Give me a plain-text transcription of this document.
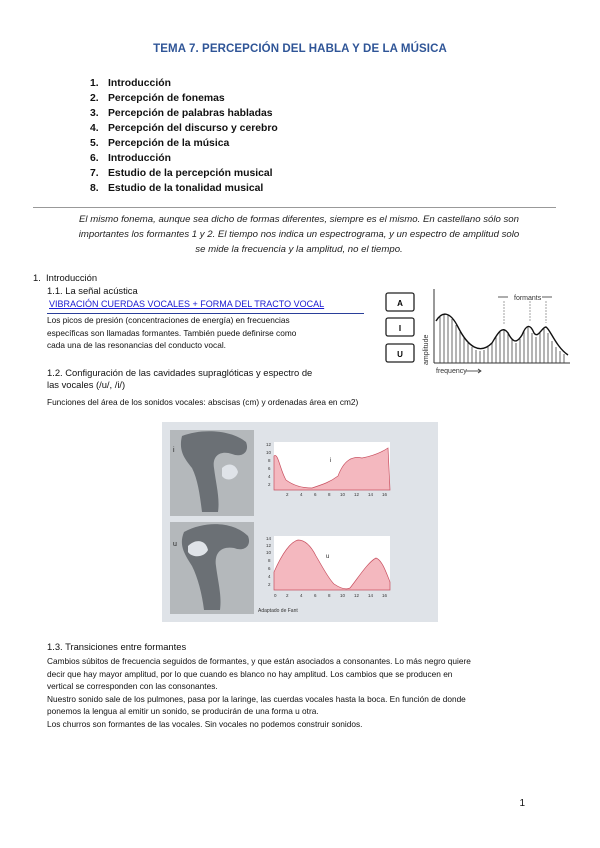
TEMA 7. PERCEPCIÓN DEL HABLA Y DE LA MÚSICA
1. Introducción
2. Percepción de fonemas
3. Percepción de palabras habladas
4. Percepción del discurso y cerebro
5. Percepción de la música
6. Introducción
7. Estudio de la percepción musical
8. Estudio de la tonalidad musical
El mismo fonema, aunque sea dicho de formas diferentes, siempre es el mismo. En castellano sólo son
importantes los formantes 1 y 2. El tiempo nos indica un espectrograma, y un espectro de amplitud solo
se mide la frecuencia y la amplitud, no el tiempo.
1. Introducción
1.1. La señal acústica
VIBRACIÓN CUERDAS VOCALES + FORMA DEL TRACTO VOCAL
Los picos de presión (concentraciones de energía) en frecuencias
específicas son llamadas formantes. También puede definirse como
cada una de las resonancias del conducto vocal.
A
I
U	amplitude
formants
frequency
1.2. Configuración de las cavidades supraglóticas y espectro de
las vocales (/u/, /i/)
Funciones del área de los sonidos vocales: abscisas (cm) y ordenadas área en cm2)
i
u
12
10
8
6
4
2
i
2	4	6	8 10 12 14 16
14
12
10
8
6
4
2
u
0 2	4	6	8 10 12 14 16
Adaptado de Fant
1.3. Transiciones entre formantes
Cambios súbitos de frecuencia seguidos de formantes, y que están asociados a consonantes. Lo más negro quiere
decir que hay mayor amplitud, por lo que cuando es blanco no hay amplitud. Los cambios que se producen en
vertical se corresponden con las consonantes.
Nuestro sonido sale de los pulmones, pasa por la laringe, las cuerdas vocales hasta la boca. En función de donde
ponemos la lengua al emitir un sonido, se producirán de una forma u otra.
Los churros son formantes de las vocales. Sin vocales no podemos construir sonidos.
1
